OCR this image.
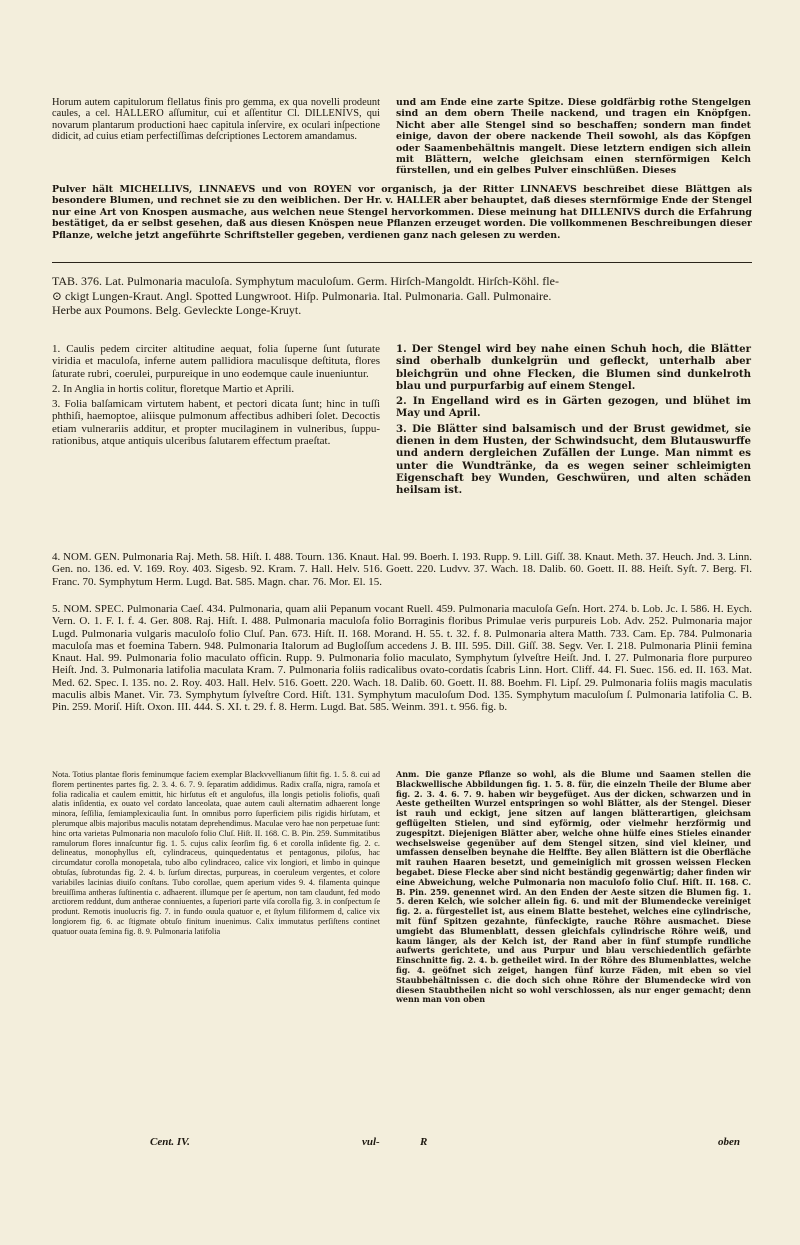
Horum autem capitulorum flellatus finis pro gemma, ex qua novelli prodeunt caules, a cel. HALLERO aſſumitur, cui et aſſentitur Cl. DILLENIVS, qui novarum plantarum productioni haec capitula inſervire, ex oculari inſpectione didicit, ad cuius etiam perfectiſſimas deſcriptiones Lectorem amandamus.
und am Ende eine zarte Spitze. Diese goldfärbig rothe Stengelgen sind an dem obern Theile nackend, und tragen ein Knöpfgen. Nicht aber alle Stengel sind so beschaffen; sondern man findet einige, davon der obere nackende Theil sowohl, als das Köpfgen oder Saamenbehältnis mangelt. Diese letztern endigen sich allein mit Blättern, welche gleichsam einen sternförmigen Kelch fürstellen, und ein gelbes Pulver einschlüßen. Dieses
Pulver hält MICHELLIVS, LINNAEVS und von ROYEN vor organisch, ja der Ritter LINNAEVS beschreibet diese Blättgen als besondere Blumen, und rechnet sie zu den weiblichen. Der Hr. v. HALLER aber behauptet, daß dieses sternförmige Ende der Stengel nur eine Art von Knospen ausmache, aus welchen neue Stengel hervorkommen. Diese meinung hat DILLENIVS durch die Erfahrung bestätiget, da er selbst gesehen, daß aus diesen Knöspen neue Pflanzen erzeuget worden. Die vollkommenen Beschreibungen dieser Pflanze, welche jetzt angeführte Schriftsteller gegeben, verdienen ganz nach gelesen zu werden.
TAB. 376. Lat. Pulmonaria maculoſa. Symphytum maculoſum. Germ. Hirſch-Mangoldt. Hirſch-Köhl. fle-
⊙ ckigt Lungen-Kraut. Angl. Spotted Lungwroot. Hiſp. Pulmonaria. Ital. Pulmonaria. Gall. Pulmonaire.
Herbe aux Poumons. Belg. Gevleckte Longe-Kruyt.

1. Caulis pedem circiter altitudine aequat, folia ſuperne ſunt ſuturate viridia et maculoſa, inferne autem pallidiora maculisque deſtituta, flores ſaturate rubri, coerulei, purpureique in uno eodemque caule inueniuntur.

2. In Anglia in hortis colitur, floretque Martio et Aprili.

3. Folia balſamicam virtutem habent, et pectori dicata ſunt; hinc in tuſſi phthiſi, haemoptoe, aliisque pulmonum affectibus adhiberi ſolet. Decoctis etiam vulnerariis additur, et propter mucilaginem in vulneribus, ſuppurationibus, atque antiquis ulceribus ſalutarem effectum praeſtat.

1. Der Stengel wird bey nahe einen Schuh hoch, die Blätter sind oberhalb dunkelgrün und gefleckt, unterhalb aber bleichgrün und ohne Flecken, die Blumen sind dunkelroth blau und purpurfarbig auf einem Stengel.

2. In Engelland wird es in Gärten gezogen, und blühet im May und April.

3. Die Blätter sind balsamisch und der Brust gewidmet, sie dienen in dem Husten, der Schwindsucht, dem Blutauswurffe und andern dergleichen Zufällen der Lunge. Man nimmt es unter die Wundtränke, da es wegen seiner schleimigten Eigenschaft bey Wunden, Geschwüren, und alten schäden heilsam ist.

4. NOM. GEN. Pulmonaria Raj. Meth. 58. Hiſt. I. 488. Tourn. 136. Knaut. Hal. 99. Boerh. I. 193. Rupp. 9. Lill. Giſſ. 38. Knaut. Meth. 37. Heuch. Jnd. 3. Linn. Gen. no. 136. ed. V. 169. Roy. 403. Sigesb. 92. Kram. 7. Hall. Helv. 516. Goett. 220. Ludvv. 37. Wach. 18. Dalib. 60. Goett. II. 88. Heiſt. Syſt. 7. Berg. Fl. Franc. 70. Symphytum Herm. Lugd. Bat. 585. Magn. char. 76. Mor. El. 15.
5. NOM. SPEC. Pulmonaria Caeſ. 434. Pulmonaria, quam alii Pepanum vocant Ruell. 459. Pulmonaria maculoſa Geſn. Hort. 274. b. Lob. Jc. I. 586. H. Eych. Vern. O. 1. F. I. f. 4. Ger. 808. Raj. Hiſt. I. 488. Pulmonaria maculoſa folio Borraginis floribus Primulae veris purpureis Lob. Adv. 252. Pulmonaria major Lugd. Pulmonaria vulgaris maculoſo folio Cluſ. Pan. 673. Hiſt. II. 168. Morand. H. 55. t. 32. f. 8. Pulmonaria altera Matth. 733. Cam. Ep. 784. Pulmonaria maculoſa mas et foemina Tabern. 948. Pulmonaria Italorum ad Bugloſſum accedens J. B. III. 595. Dill. Giſſ. 38. Segv. Ver. I. 218. Pulmonaria Plinii femina Knaut. Hal. 99. Pulmonaria folio maculato officin. Rupp. 9. Pulmonaria folio maculato, Symphytum ſylveſtre Heiſt. Jnd. I. 27. Pulmonaria flore purpureo Heiſt. Jnd. 3. Pulmonaria latifolia maculata Kram. 7. Pulmonaria foliis radicalibus ovato-cordatis ſcabris Linn. Hort. Cliff. 44. Fl. Suec. 156. ed. II. 163. Mat. Med. 62. Spec. I. 135. no. 2. Roy. 403. Hall. Helv. 516. Goett. 220. Wach. 18. Dalib. 60. Goett. II. 88. Boehm. Fl. Lipſ. 29. Pulmonaria foliis magis maculatis maculis albis Manet. Vir. 73. Symphytum ſylveſtre Cord. Hiſt. 131. Symphytum maculoſum Dod. 135. Symphytum maculoſum ſ. Pulmonaria latifolia C. B. Pin. 259. Moriſ. Hiſt. Oxon. III. 444. S. XI. t. 29. f. 8. Herm. Lugd. Bat. 585. Weinm. 391. t. 956. fig. b.
Nota. Totius plantae floris feminumque faciem exemplar Blackvvellianum ſiſtit fig. 1. 5. 8. cui ad florem pertinentes partes fig. 2. 3. 4. 6. 7. 9. ſeparatim addidimus. Radix craſſa, nigra, ramoſa et folia radicalia et caulem emittit, hic hirſutus eſt et angulofus, illa longis petiolis foliofis, quaſi alatis inſidentia, ex ouato vel cordato lanceolata, quae autem cauli alternatim adhaerent longe minora, ſeſſilia, ſemiamplexicaulia ſunt. In omnibus porro ſuperficiem pilis rigidis hirſutam, et plerumque albis majoribus maculis notatam deprehendimus. Maculae vero hae non perpetuae ſunt: hinc orta varietas Pulmonaria non maculoſo folio Cluſ. Hiſt. II. 168. C. B. Pin. 259. Summitatibus ramulorum flores innaſcuntur fig. 1. 5. cujus calix ſeorſim fig. 6 et corolla inſidente fig. 2. c. delineatus, monophyllus eſt, cylindraceus, quinquedentatus et pentagonus, piloſus, hac circumdatur corolla monopetala, tubo albo cylindraceo, calice vix longiori, et limbo in quinque obtuſas, ſubrotundas fig. 2. 4. b. ſurſum directas, purpureas, in coeruleum vergentes, et colore variabiles lacinias diuiſo conſtans. Tubo corollae, quem aperium vides 9. 4. filamenta quinque breuiſſima antheras ſuſtinentia c. adhaerent. illumque per ſe apertum, non tam claudunt, fed modo arctiorem reddunt, dum antherae conniuentes, a ſuperiori parte viſa corolla fig. 3. in conſpectum ſe produnt. Remotis inuolucris fig. 7. in fundo ouula quatuor e, et ſtylum filiformem d, calice vix longiorem fig. 6. ac ſtigmate obtuſo finitum inuenimus. Calix immutatus perſiſtens continet quatuor ouata ſemina fig. 8. 9. Pulmonaria latifolia
Anm. Die ganze Pflanze so wohl, als die Blume und Saamen stellen die Blackwellische Abbildungen fig. 1. 5. 8. für, die einzeln Theile der Blume aber fig. 2. 3. 4. 6. 7. 9. haben wir beygefüget. Aus der dicken, schwarzen und in Aeste getheilten Wurzel entspringen so wohl Blätter, als der Stengel. Dieser ist rauh und eckigt, jene sitzen auf langen blätterartigen, gleichsam geflügelten Stielen, und sind eyförmig, oder vielmehr herzförmig und zugespitzt. Diejenigen Blätter aber, welche ohne hülfe eines Stieles einander wechselsweise gegenüber auf dem Stengel sitzen, sind viel kleiner, und umfassen denselben beynahe die Helffte. Bey allen Blättern ist die Oberfläche mit rauhen Haaren besetzt, und gemeiniglich mit grossen weissen Flecken begabet. Diese Flecke aber sind nicht beständig gegenwärtig; daher finden wir eine Abweichung, welche Pulmonaria non maculoſo folio Cluſ. Hiſt. II. 168. C. B. Pin. 259. genennet wird. An den Enden der Aeste sitzen die Blumen fig. 1. 5. deren Kelch, wie solcher allein fig. 6. und mit der Blumendecke vereiniget fig. 2. a. fürgestellet ist, aus einem Blatte bestehet, welches eine cylindrische, mit fünf Spitzen gezahnte, fünfeckigte, rauche Röhre ausmachet. Diese umgiebt das Blumenblatt, dessen gleichfals cylindrische Röhre weiß, und kaum länger, als der Kelch ist, der Rand aber in fünf stumpfe rundliche aufwerts gerichtete, und aus Purpur und blau verschiedentlich gefärbte Einschnitte fig. 2. 4. b. getheilet wird. In der Röhre des Blumenblattes, welche fig. 4. geöfnet sich zeiget, hangen fünf kurze Fäden, mit eben so viel Staubbehältnissen c. die doch sich ohne Röhre der Blumendecke wird von diesen Staubtheilen nicht so wohl verschlossen, als nur enger gemacht; denn wenn man von oben
Cent. IV.	vul-	R	oben
